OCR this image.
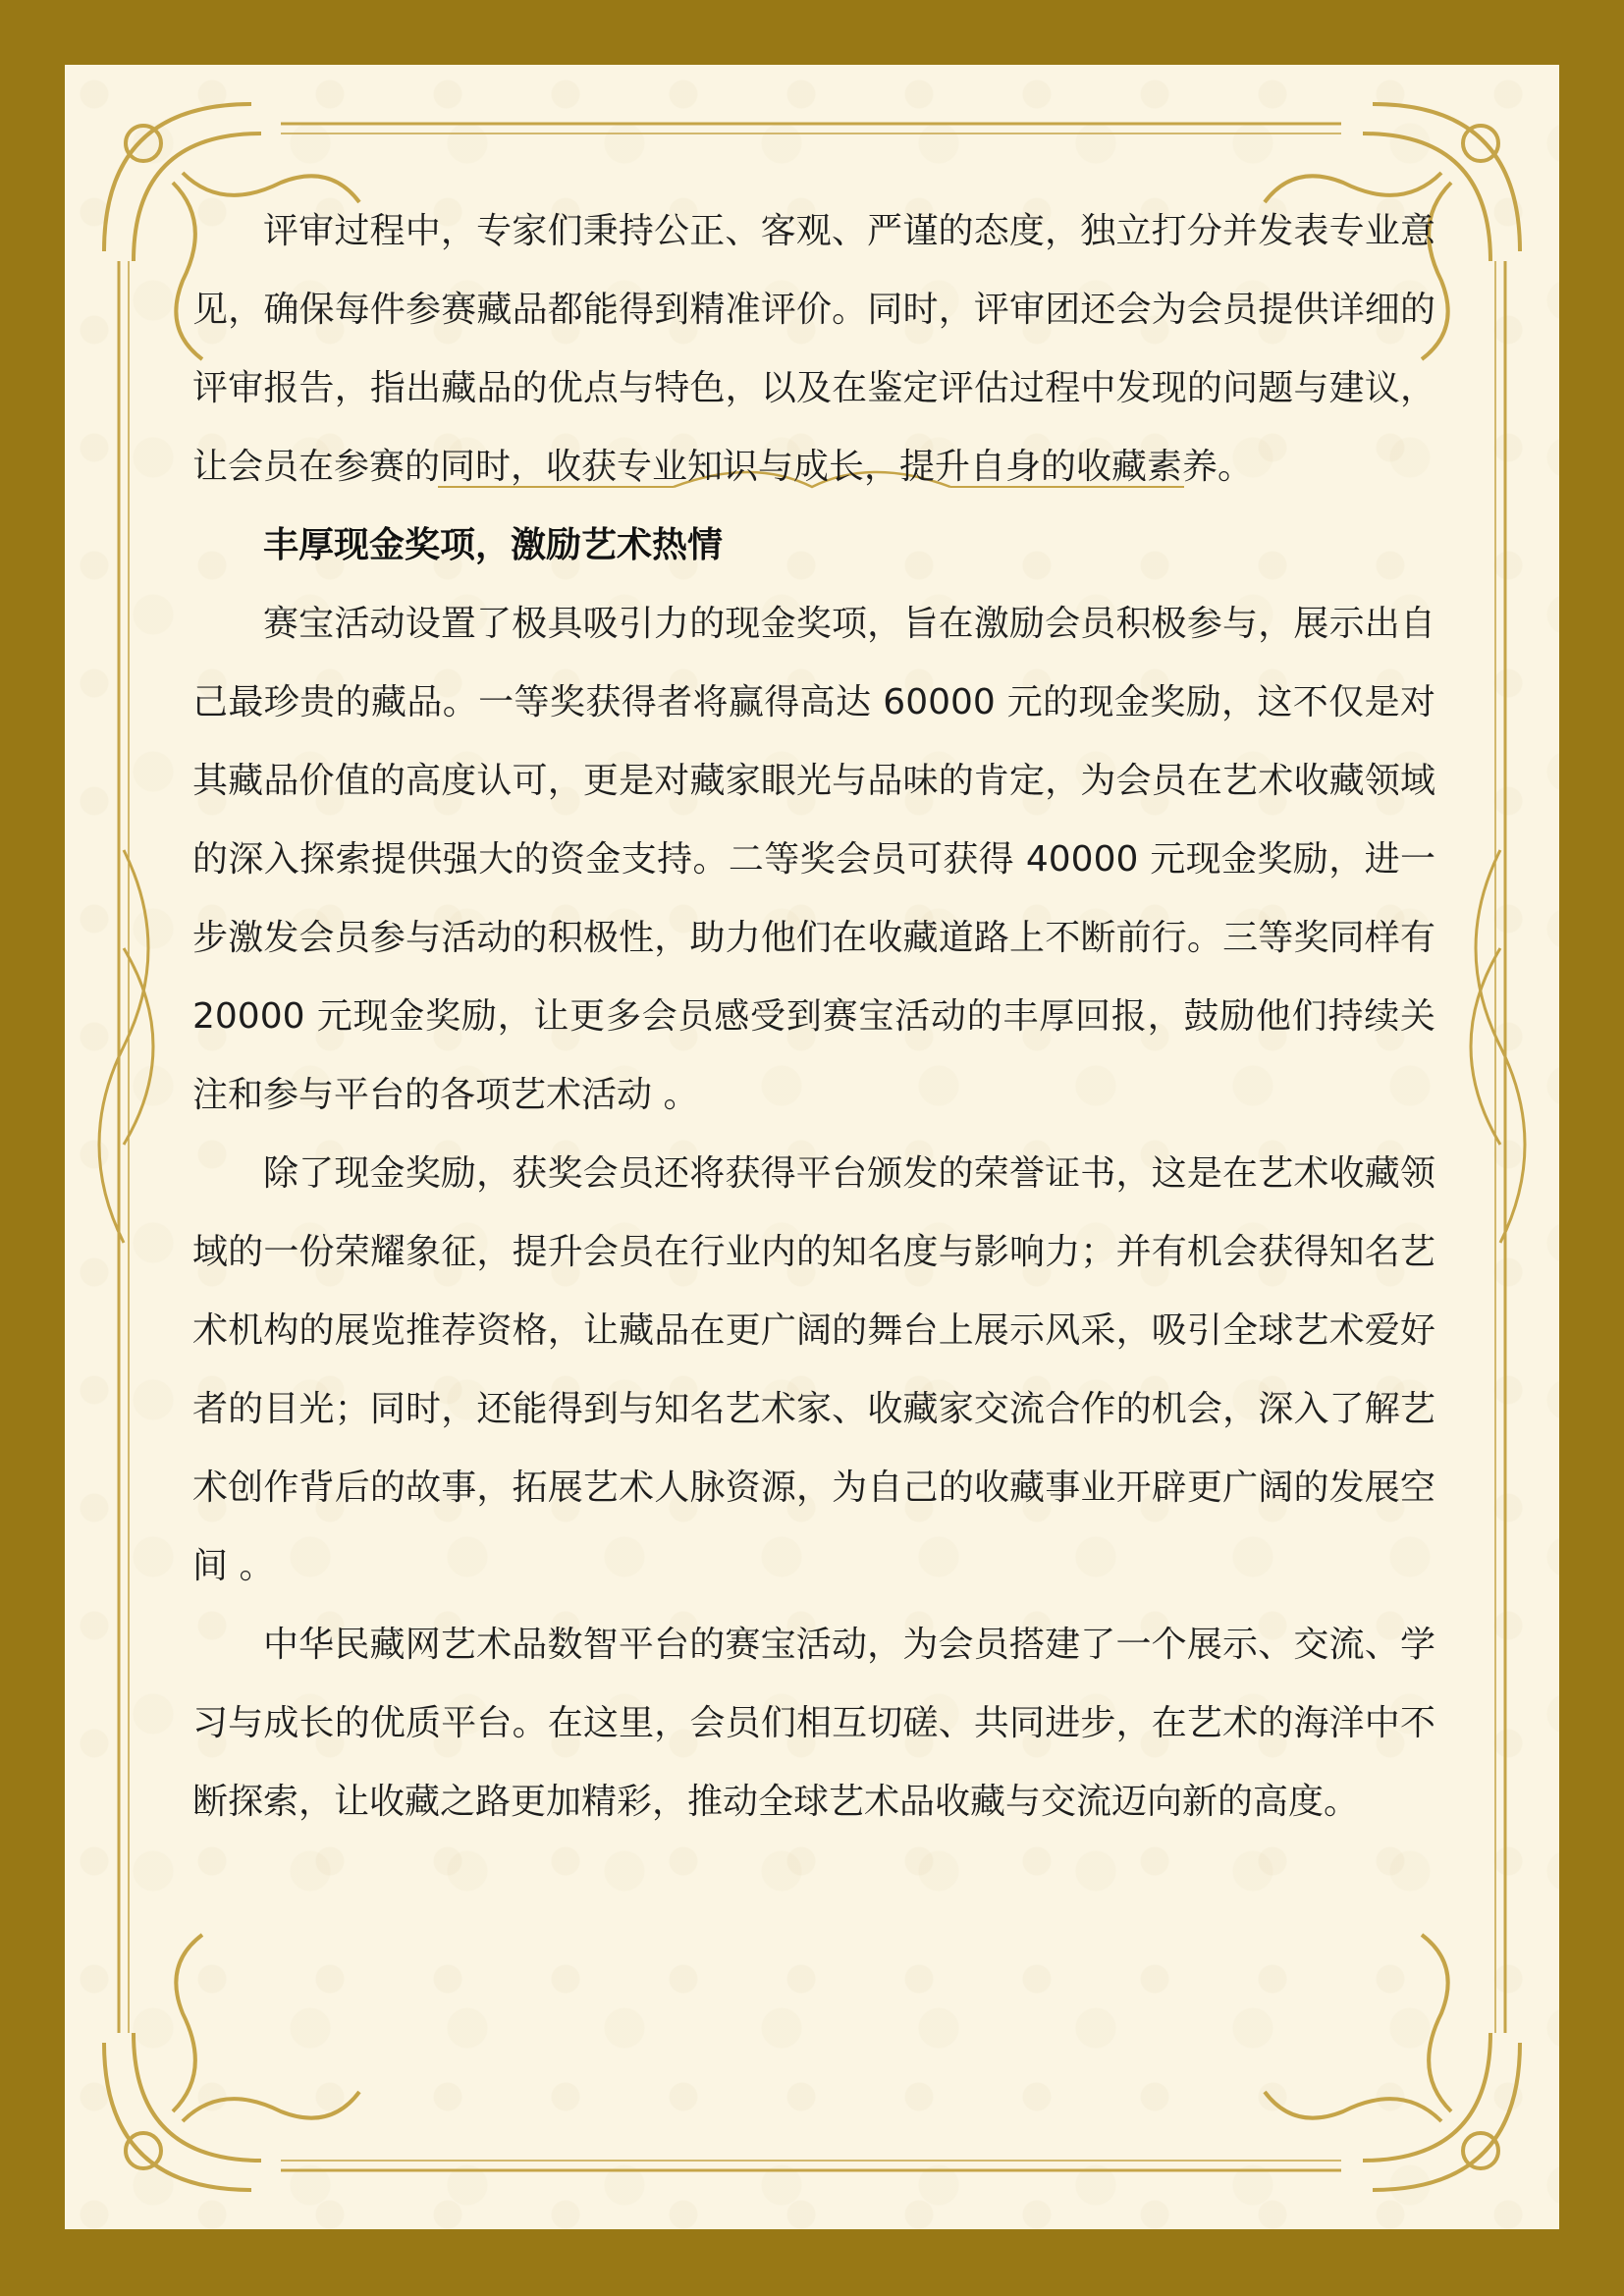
评审过程中，专家们秉持公正、客观、严谨的态度，独立打分并发表专业意见，确保每件参赛藏品都能得到精准评价。同时，评审团还会为会员提供详细的评审报告，指出藏品的优点与特色，以及在鉴定评估过程中发现的问题与建议，让会员在参赛的同时，收获专业知识与成长，提升自身的收藏素养。

丰厚现金奖项，激励艺术热情

赛宝活动设置了极具吸引力的现金奖项，旨在激励会员积极参与，展示出自己最珍贵的藏品。一等奖获得者将赢得高达 60000 元的现金奖励，这不仅是对其藏品价值的高度认可，更是对藏家眼光与品味的肯定，为会员在艺术收藏领域的深入探索提供强大的资金支持。二等奖会员可获得 40000 元现金奖励，进一步激发会员参与活动的积极性，助力他们在收藏道路上不断前行。三等奖同样有 20000 元现金奖励，让更多会员感受到赛宝活动的丰厚回报，鼓励他们持续关注和参与平台的各项艺术活动 。

除了现金奖励，获奖会员还将获得平台颁发的荣誉证书，这是在艺术收藏领域的一份荣耀象征，提升会员在行业内的知名度与影响力；并有机会获得知名艺术机构的展览推荐资格，让藏品在更广阔的舞台上展示风采，吸引全球艺术爱好者的目光；同时，还能得到与知名艺术家、收藏家交流合作的机会，深入了解艺术创作背后的故事，拓展艺术人脉资源，为自己的收藏事业开辟更广阔的发展空间 。

中华民藏网艺术品数智平台的赛宝活动，为会员搭建了一个展示、交流、学习与成长的优质平台。在这里，会员们相互切磋、共同进步，在艺术的海洋中不断探索，让收藏之路更加精彩，推动全球艺术品收藏与交流迈向新的高度。
